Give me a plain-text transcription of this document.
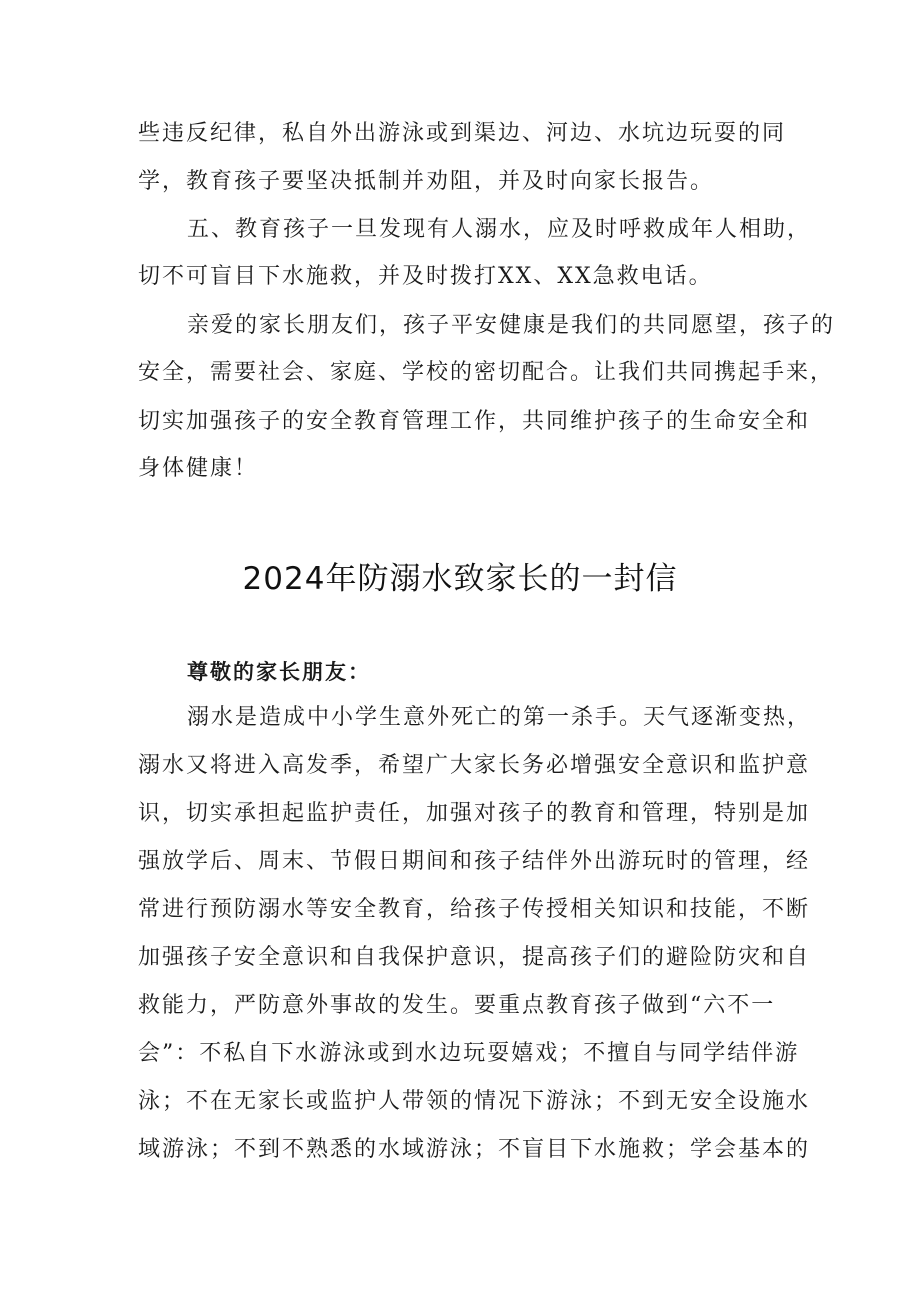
些违反纪律，私自外出游泳或到渠边、河边、水坑边玩耍的同
学，教育孩子要坚决抵制并劝阻，并及时向家长报告。
五、教育孩子一旦发现有人溺水，应及时呼救成年人相助，
切不可盲目下水施救，并及时拨打XX、XX急救电话。
亲爱的家长朋友们，孩子平安健康是我们的共同愿望，孩子的
安全，需要社会、家庭、学校的密切配合。让我们共同携起手来，
切实加强孩子的安全教育管理工作，共同维护孩子的生命安全和
身体健康！
2024年防溺水致家长的一封信
尊敬的家长朋友：
溺水是造成中小学生意外死亡的第一杀手。天气逐渐变热，
溺水又将进入高发季，希望广大家长务必增强安全意识和监护意
识，切实承担起监护责任，加强对孩子的教育和管理，特别是加
强放学后、周末、节假日期间和孩子结伴外出游玩时的管理，经
常进行预防溺水等安全教育，给孩子传授相关知识和技能，不断
加强孩子安全意识和自我保护意识，提高孩子们的避险防灾和自
救能力，严防意外事故的发生。要重点教育孩子做到“六不一
会”：不私自下水游泳或到水边玩耍嬉戏；不擅自与同学结伴游
泳；不在无家长或监护人带领的情况下游泳；不到无安全设施水
域游泳；不到不熟悉的水域游泳；不盲目下水施救；学会基本的
